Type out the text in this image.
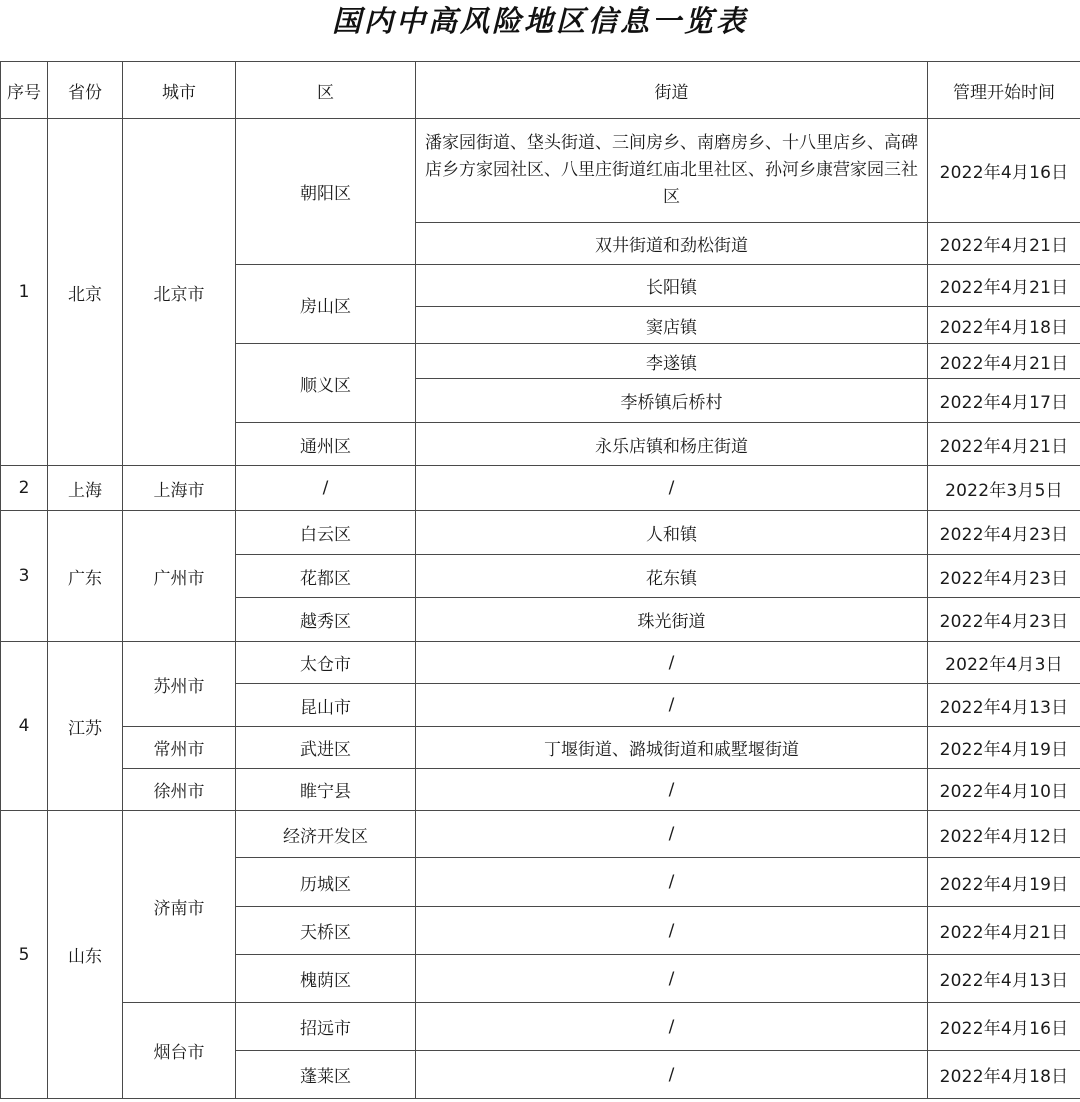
国内中高风险地区信息一览表
序号	省份	城市	区	街道	管理开始时间
1	北京	北京市	朝阳区	潘家园街道、垡头街道、三间房乡、南磨房乡、十八里店乡、高碑店乡方家园社区、八里庄街道红庙北里社区、孙河乡康营家园三社区	2022年4月16日
				双井街道和劲松街道	2022年4月21日
			房山区	长阳镇	2022年4月21日
				窦店镇	2022年4月18日
			顺义区	李遂镇	2022年4月21日
				李桥镇后桥村	2022年4月17日
			通州区	永乐店镇和杨庄街道	2022年4月21日
2	上海	上海市	/	/	2022年3月5日
3	广东	广州市	白云区	人和镇	2022年4月23日
			花都区	花东镇	2022年4月23日
			越秀区	珠光街道	2022年4月23日
4	江苏	苏州市	太仓市	/	2022年4月3日
			昆山市	/	2022年4月13日
		常州市	武进区	丁堰街道、潞城街道和戚墅堰街道	2022年4月19日
		徐州市	睢宁县	/	2022年4月10日
5	山东	济南市	经济开发区	/	2022年4月12日
			历城区	/	2022年4月19日
			天桥区	/	2022年4月21日
			槐荫区	/	2022年4月13日
		烟台市	招远市	/	2022年4月16日
			蓬莱区	/	2022年4月18日
